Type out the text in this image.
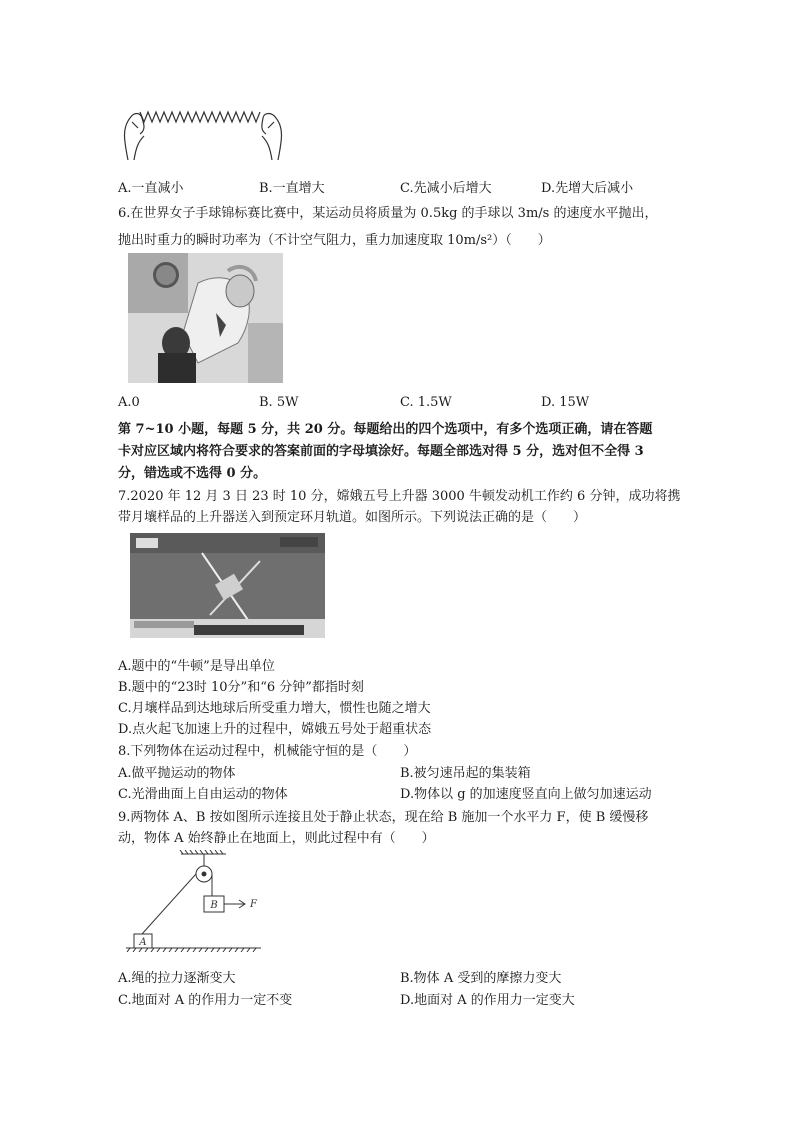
A.一直减小	B.一直增大	C.先减小后增大	D.先增大后减小
6.在世界女子手球锦标赛比赛中，某运动员将质量为 0.5kg 的手球以 3m/s 的速度水平抛出，
抛出时重力的瞬时功率为（不计空气阻力，重力加速度取 10m/s²）（　　）
A.0	B. 5W	C. 1.5W	D. 15W
第 7~10 小题，每题 5 分，共 20 分。每题给出的四个选项中，有多个选项正确，请在答题
卡对应区域内将符合要求的答案前面的字母填涂好。每题全部选对得 5 分，选对但不全得 3
分，错选或不选得 0 分。
7.2020 年 12 月 3 日 23 时 10 分，嫦娥五号上升器 3000 牛顿发动机工作约 6 分钟，成功将携
带月壤样品的上升器送入到预定环月轨道。如图所示。下列说法正确的是（　　）
A.题中的“牛顿”是导出单位
B.题中的“23时 10分”和“6 分钟”都指时刻
C.月壤样品到达地球后所受重力增大，惯性也随之增大
D.点火起飞加速上升的过程中，嫦娥五号处于超重状态
8.下列物体在运动过程中，机械能守恒的是（　　）
A.做平抛运动的物体	B.被匀速吊起的集装箱
C.光滑曲面上自由运动的物体	D.物体以 g 的加速度竖直向上做匀加速运动
9.两物体 A、B 按如图所示连接且处于静止状态，现在给 B 施加一个水平力 F，使 B 缓慢移
动，物体 A 始终静止在地面上，则此过程中有（　　）
B	F
A
A.绳的拉力逐渐变大	B.物体 A 受到的摩擦力变大
C.地面对 A 的作用力一定不变	D.地面对 A 的作用力一定变大
